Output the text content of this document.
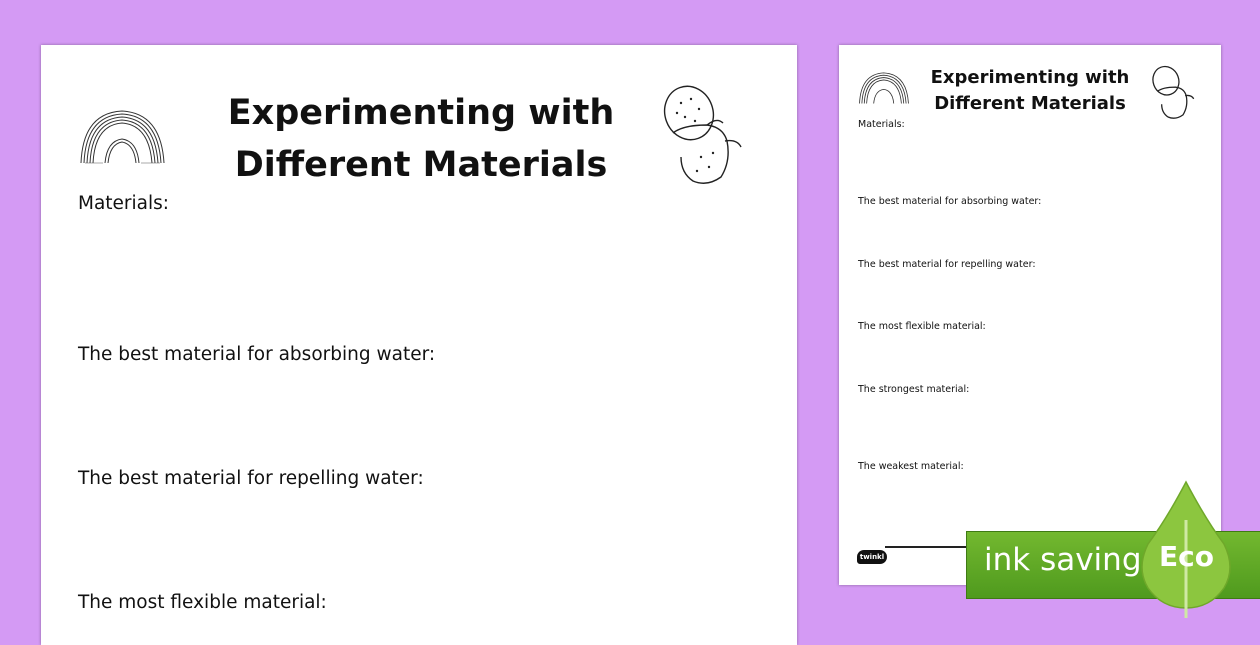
Experimenting with
Different Materials
Materials:
The best material for absorbing water:
The best material for repelling water:
The most flexible material:
Experimenting with
Different Materials
Materials:
The best material for absorbing water:
The best material for repelling water:
The most flexible material:
The strongest material:
The weakest material:
twinkl	ink saving Eco
